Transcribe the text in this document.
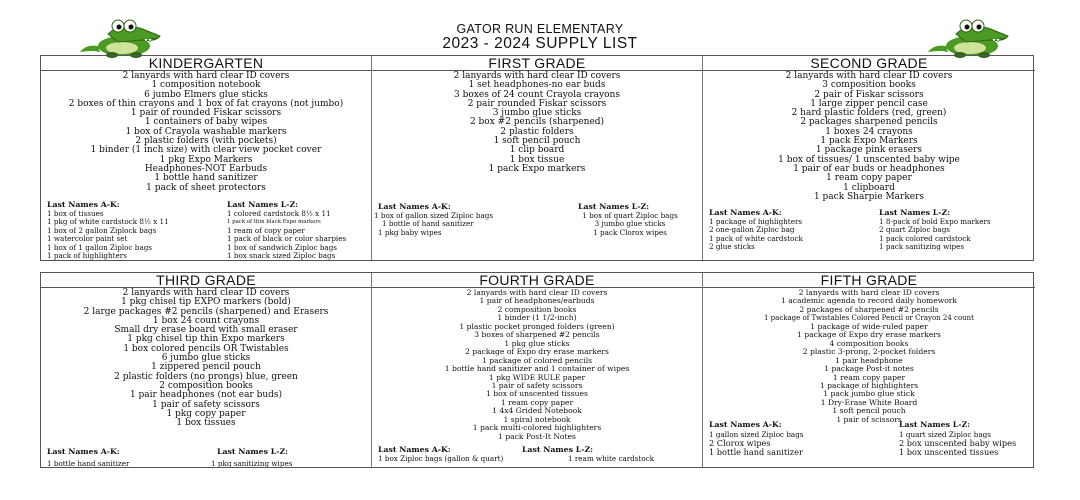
GATOR RUN ELEMENTARY
2023 - 2024 SUPPLY LIST
KINDERGARTEN
2 lanyards with hard clear ID covers
1 composition notebook
6 jumbo Elmers glue sticks
2 boxes of thin crayons and 1 box of fat crayons (not jumbo)
1 pair of rounded Fiskar scissors
1 containers of baby wipes
1 box of Crayola washable markers
2 plastic folders (with pockets)
1 binder (1 inch size) with clear view pocket cover
1 pkg Expo Markers
Headphones-NOT Earbuds
1 bottle hand sanitizer
1 pack of sheet protectors
Last Names A-K:
1 box of tissues
1 pkg of white cardstock 8½ x 11
1 box of 2 gallon Ziplock bags
1 watercolor paint set
1 box of 1 gallon Ziploc bags
1 pack of highlighters
Last Names L-Z:
1 colored cardstock 8½ x 11
1 pack of thin black Expo markers
1 ream of copy paper
1 pack of black or color sharpies
1 box of sandwich Ziploc bags
1 box snack sized Ziploc bags
FIRST GRADE
2 lanyards with hard clear ID covers
1 set headphones-no ear buds
3 boxes of 24 count Crayola crayons
2 pair rounded Fiskar scissors
3 jumbo glue sticks
2 box #2 pencils (sharpened)
2 plastic folders
1 soft pencil pouch
1 clip board
1 box tissue
1 pack Expo markers
Last Names A-K:
1 box of gallon sized Ziploc bags
1 bottle of hand sanitizer
1 pkg baby wipes
Last Names L-Z:
1 box of quart Ziploc bags
3 jumbo glue sticks
1 pack Clorox wipes
SECOND GRADE
2 lanyards with hard clear ID covers
3 composition books
2 pair of Fiskar scissors
1 large zipper pencil case
2 hard plastic folders (red, green)
2 packages sharpened pencils
1 boxes 24 crayons
1 pack Expo Markers
1 package pink erasers
1 box of tissues/ 1 unscented baby wipe
1 pair of ear buds or headphones
1 ream copy paper
1 clipboard
1 pack Sharpie Markers
Last Names A-K:
1 package of highlighters
2 one-gallon Ziploc bag
1 pack of white cardstock
2 glue sticks
Last Names L-Z:
1 8-pack of bold Expo markers
2 quart Ziploc bags
1 pack colored cardstock
1 pack sanitizing wipes
THIRD GRADE
2 lanyards with hard clear ID covers
1 pkg chisel tip EXPO markers (bold)
2 large packages #2 pencils (sharpened) and Erasers
1 box 24 count crayons
Small dry erase board with small eraser
1 pkg chisel tip thin Expo markers
1 box colored pencils OR Twistables
6 jumbo glue sticks
1 zippered pencil pouch
2 plastic folders (no prongs) blue, green
2 composition books
1 pair headphones (not ear buds)
1 pair of safety scissors
1 pkg copy paper
1 box tissues
Last Names A-K:
1 bottle hand sanitizer
Last Names L-Z:
1 pkg sanitizing wipes
FOURTH GRADE
2 lanyards with hard clear ID covers
1 pair of headphones/earbuds
2 composition books
1 binder (1 1/2-inch)
1 plastic pocket pronged folders (green)
3 boxes of sharpened #2 pencils
1 pkg glue sticks
2 package of Expo dry erase markers
1 package of colored pencils
1 bottle hand sanitizer and 1 container of wipes
1 pkg WIDE RULE paper
1 pair of safety scissors
1 box of unscented tissues
1 ream copy paper
1 4x4 Grided Notebook
1 spiral notebook
1 pack multi-colored highlighters
1 pack Post-It Notes
Last Names A-K:
1 box Ziploc bags (gallon & quart)
Last Names L-Z:
1 ream white cardstock
FIFTH GRADE
2 lanyards with hard clear ID covers
1 academic agenda to record daily homework
2 packages of sharpened #2 pencils
1 package of Twistables Colored Pencil or Crayon 24 count
1 package of wide-ruled paper
1 package of Expo dry erase markers
4 composition books
2 plastic 3-prong, 2-pocket folders
1 pair headphone
1 package Post-it notes
1 ream copy paper
1 package of highlighters
1 pack jumbo glue stick
1 Dry-Erase White Board
1 soft pencil pouch
1 pair of scissors
Last Names A-K:
1 gallon sized Ziploc bags
2 Clorox wipes
1 bottle hand sanitizer
Last Names L-Z:
1 quart sized Ziploc bags
2 box unscented baby wipes
1 box unscented tissues
